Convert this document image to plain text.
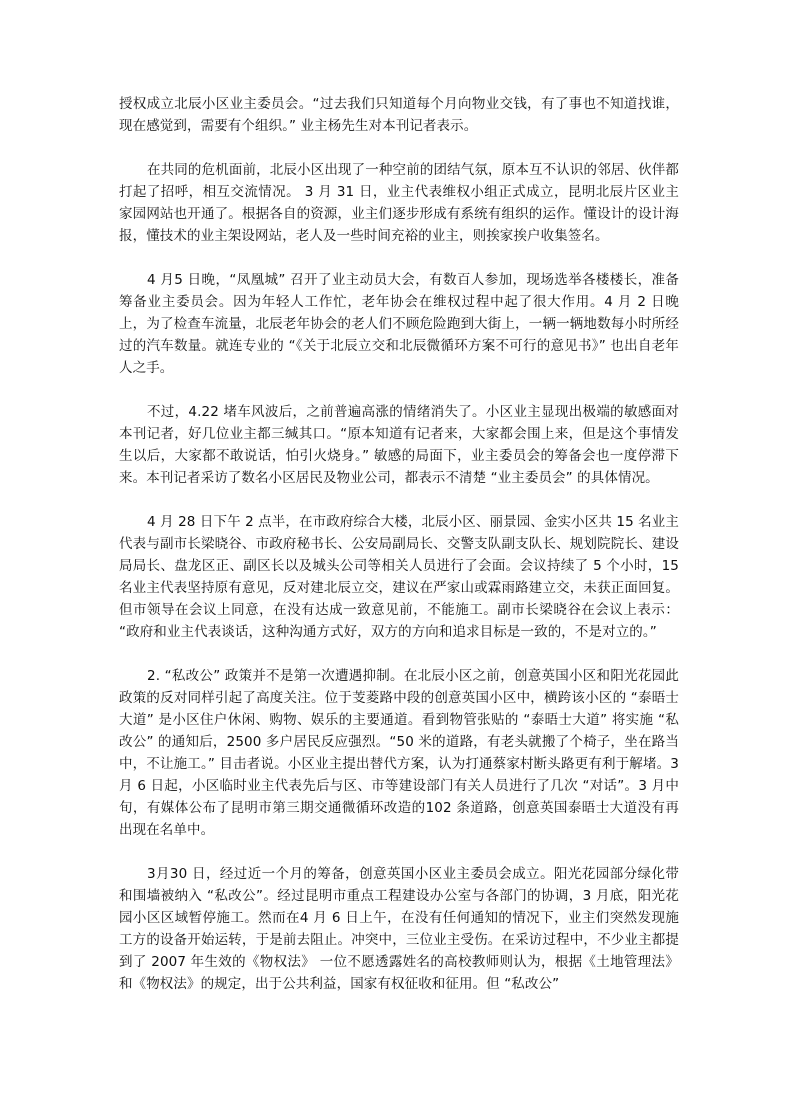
授权成立北辰小区业主委员会。“过去我们只知道每个月向物业交钱，有了事也不知道找谁，现在感觉到，需要有个组织。” 业主杨先生对本刊记者表示。

在共同的危机面前，北辰小区出现了一种空前的团结气氛，原本互不认识的邻居、伙伴都打起了招呼，相互交流情况。 3 月 31 日，业主代表维权小组正式成立，昆明北辰片区业主家园网站也开通了。根据各自的资源，业主们逐步形成有系统有组织的运作。懂设计的设计海报，懂技术的业主架设网站，老人及一些时间充裕的业主，则挨家挨户收集签名。

4 月5 日晚，“凤凰城” 召开了业主动员大会，有数百人参加，现场选举各楼楼长，准备筹备业主委员会。因为年轻人工作忙，老年协会在维权过程中起了很大作用。4 月 2 日晚上，为了检查车流量，北辰老年协会的老人们不顾危险跑到大街上，一辆一辆地数每小时所经过的汽车数量。就连专业的 “《关于北辰立交和北辰微循环方案不可行的意见书》” 也出自老年人之手。

不过，4.22 堵车风波后，之前普遍高涨的情绪消失了。小区业主显现出极端的敏感面对本刊记者，好几位业主都三缄其口。“原本知道有记者来，大家都会围上来，但是这个事情发生以后，大家都不敢说话，怕引火烧身。” 敏感的局面下，业主委员会的筹备会也一度停滞下来。本刊记者采访了数名小区居民及物业公司，都表示不清楚 “业主委员会” 的具体情况。

4 月 28 日下午 2 点半，在市政府综合大楼，北辰小区、丽景园、金实小区共 15 名业主代表与副市长梁晓谷、市政府秘书长、公安局副局长、交警支队副支队长、规划院院长、建设局局长、盘龙区正、副区长以及城头公司等相关人员进行了会面。会议持续了 5 个小时，15 名业主代表坚持原有意见，反对建北辰立交，建议在严家山或霖雨路建立交，未获正面回复。但市领导在会议上同意，在没有达成一致意见前，不能施工。副市长梁晓谷在会议上表示： “政府和业主代表谈话，这种沟通方式好，双方的方向和追求目标是一致的，不是对立的。”

2. “私改公” 政策并不是第一次遭遇抑制。在北辰小区之前，创意英国小区和阳光花园此政策的反对同样引起了高度关注。位于芰菱路中段的创意英国小区中，横跨该小区的 “泰晤士大道” 是小区住户休闲、购物、娱乐的主要通道。看到物管张贴的 “泰晤士大道” 将实施 “私改公” 的通知后，2500 多户居民反应强烈。“50 米的道路，有老头就搬了个椅子，坐在路当中，不让施工。” 目击者说。小区业主提出替代方案，认为打通蔡家村断头路更有利于解堵。3 月 6 日起，小区临时业主代表先后与区、市等建设部门有关人员进行了几次 “对话”。3 月中旬，有媒体公布了昆明市第三期交通微循环改造的102 条道路，创意英国泰晤士大道没有再出现在名单中。

3月30 日，经过近一个月的筹备，创意英国小区业主委员会成立。阳光花园部分绿化带和围墙被纳入 “私改公”。经过昆明市重点工程建设办公室与各部门的协调，3 月底，阳光花园小区区域暂停施工。然而在4 月 6 日上午，在没有任何通知的情况下，业主们突然发现施工方的设备开始运转，于是前去阻止。冲突中，三位业主受伤。在采访过程中，不少业主都提到了 2007 年生效的《物权法》 一位不愿透露姓名的高校教师则认为，根据《土地管理法》和《物权法》的规定，出于公共利益，国家有权征收和征用。但 “私改公”
